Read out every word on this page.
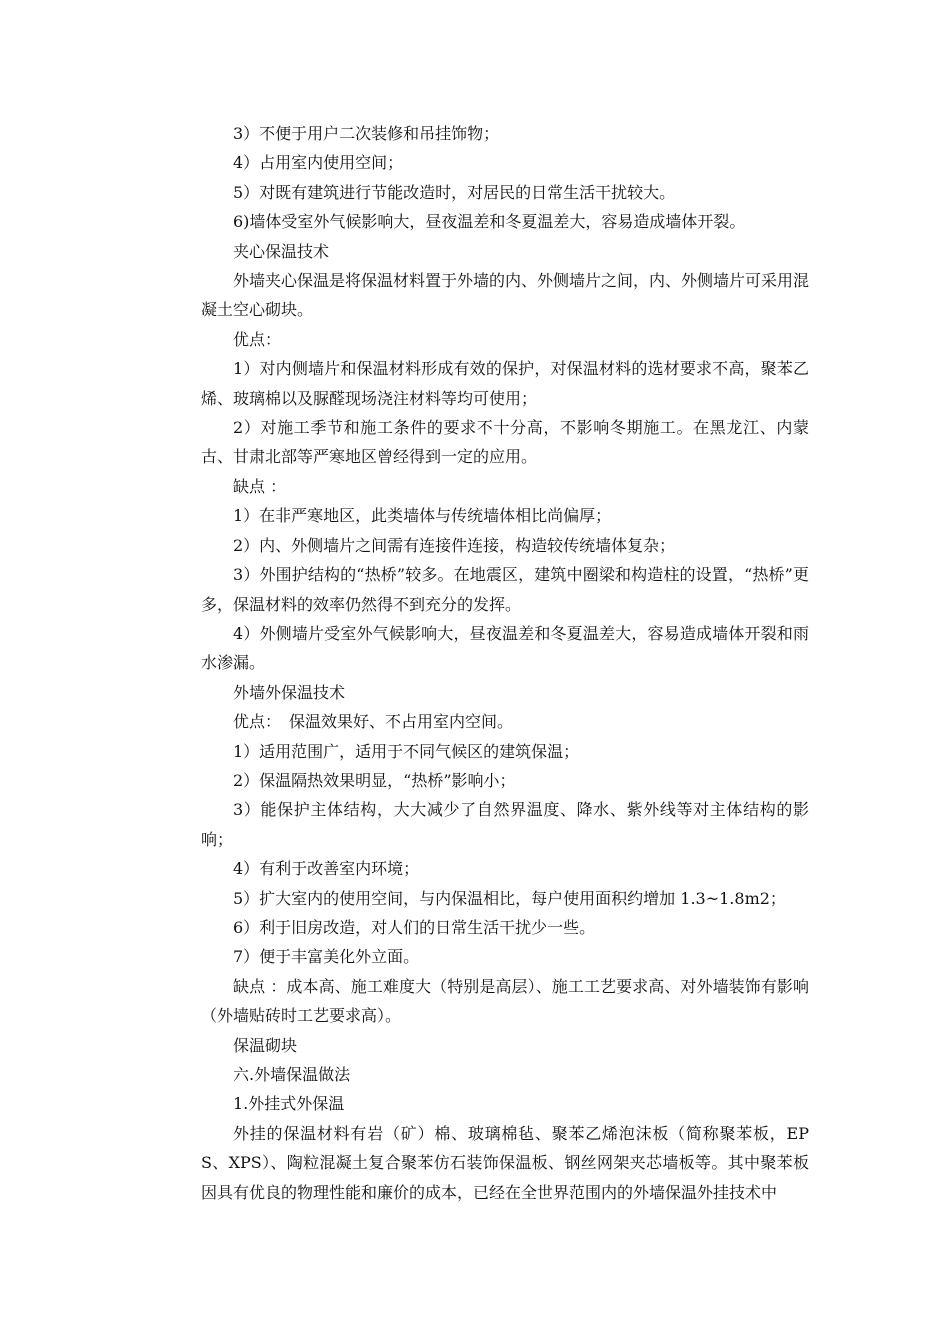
3）不便于用户二次装修和吊挂饰物；

4）占用室内使用空间；

5）对既有建筑进行节能改造时，对居民的日常生活干扰较大。

6)墙体受室外气候影响大，昼夜温差和冬夏温差大，容易造成墙体开裂。

夹心保温技术

外墙夹心保温是将保温材料置于外墙的内、外侧墙片之间，内、外侧墙片可采用混凝土空心砌块。

优点：

1）对内侧墙片和保温材料形成有效的保护，对保温材料的选材要求不高，聚苯乙烯、玻璃棉以及脲醛现场浇注材料等均可使用；

2）对施工季节和施工条件的要求不十分高，不影响冬期施工。在黑龙江、内蒙古、甘肃北部等严寒地区曾经得到一定的应用。

缺点 ：

1）在非严寒地区，此类墙体与传统墙体相比尚偏厚；

2）内、外侧墙片之间需有连接件连接，构造较传统墙体复杂；

3）外围护结构的“热桥”较多。在地震区，建筑中圈梁和构造柱的设置，“热桥”更多，保温材料的效率仍然得不到充分的发挥。

4）外侧墙片受室外气候影响大，昼夜温差和冬夏温差大，容易造成墙体开裂和雨水渗漏。

外墙外保温技术

优点：　保温效果好、不占用室内空间。

1）适用范围广，适用于不同气候区的建筑保温；

2）保温隔热效果明显，“热桥”影响小；

3）能保护主体结构，大大减少了自然界温度、降水、紫外线等对主体结构的影响；

4）有利于改善室内环境；

5）扩大室内的使用空间，与内保温相比，每户使用面积约增加 1.3~1.8m2；

6）利于旧房改造，对人们的日常生活干扰少一些。

7）便于丰富美化外立面。

缺点 ：成本高、施工难度大（特别是高层）、施工工艺要求高、对外墙装饰有影响（外墙贴砖时工艺要求高）。

保温砌块

六.外墙保温做法

1.外挂式外保温

外挂的保温材料有岩（矿）棉、玻璃棉毡、聚苯乙烯泡沫板（简称聚苯板，EPS、XPS）、陶粒混凝土复合聚苯仿石装饰保温板、钢丝网架夹芯墙板等。其中聚苯板因具有优良的物理性能和廉价的成本，已经在全世界范围内的外墙保温外挂技术中
